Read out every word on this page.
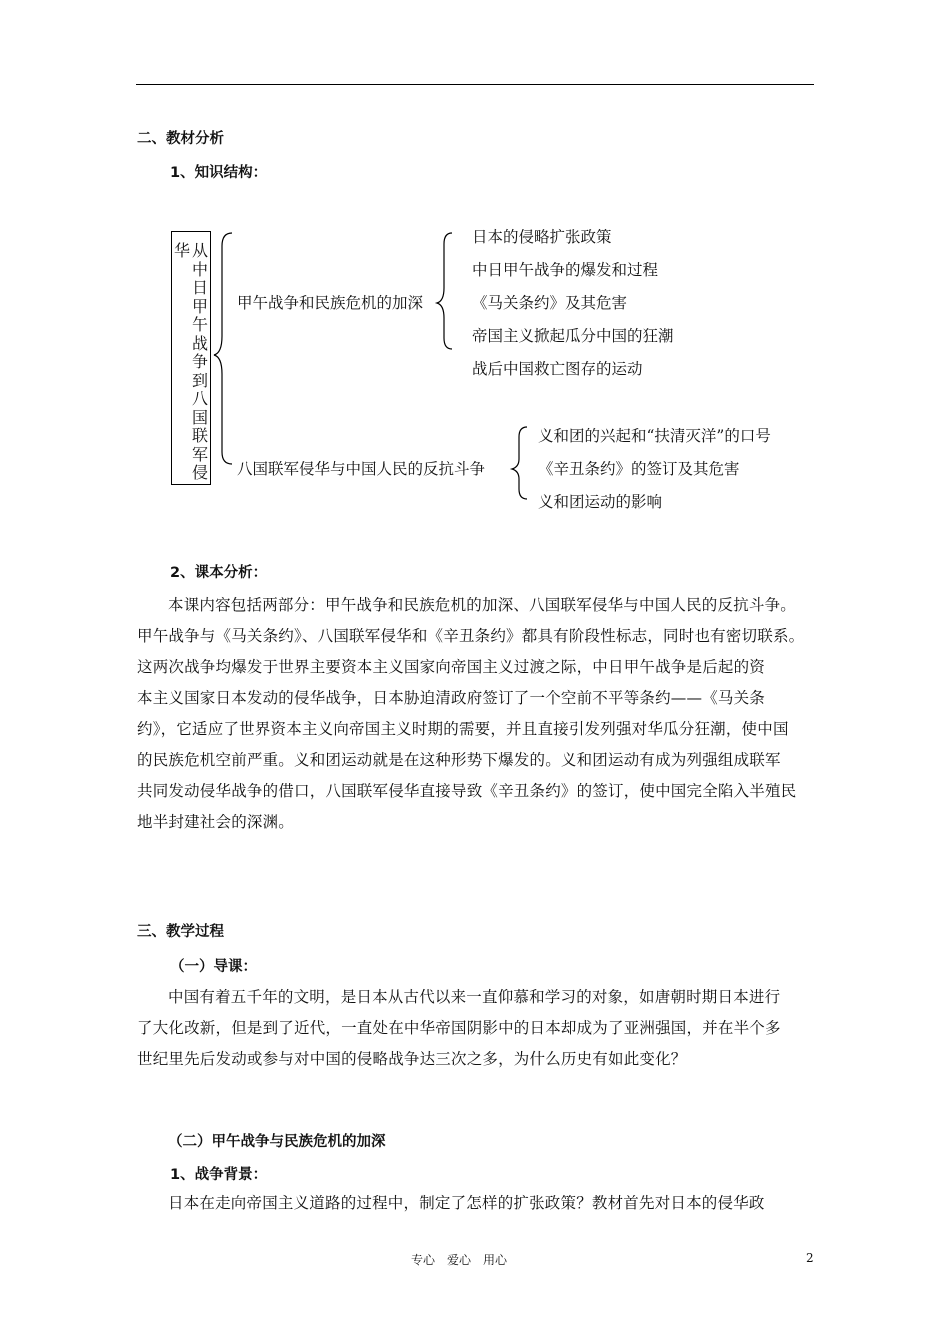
二、教材分析
1、知识结构：
从中日甲午战争到八国联军侵
华
甲午战争和民族危机的加深
日本的侵略扩张政策
中日甲午战争的爆发和过程
《马关条约》及其危害
帝国主义掀起瓜分中国的狂潮
战后中国救亡图存的运动
八国联军侵华与中国人民的反抗斗争
义和团的兴起和“扶清灭洋”的口号
《辛丑条约》的签订及其危害
义和团运动的影响
2、课本分析：
本课内容包括两部分：甲午战争和民族危机的加深、八国联军侵华与中国人民的反抗斗争。
甲午战争与《马关条约》、八国联军侵华和《辛丑条约》都具有阶段性标志，同时也有密切联系。
这两次战争均爆发于世界主要资本主义国家向帝国主义过渡之际，中日甲午战争是后起的资
本主义国家日本发动的侵华战争，日本胁迫清政府签订了一个空前不平等条约——《马关条
约》，它适应了世界资本主义向帝国主义时期的需要，并且直接引发列强对华瓜分狂潮，使中国
的民族危机空前严重。义和团运动就是在这种形势下爆发的。义和团运动有成为列强组成联军
共同发动侵华战争的借口，八国联军侵华直接导致《辛丑条约》的签订，使中国完全陷入半殖民
地半封建社会的深渊。
三、教学过程
（一）导课：
中国有着五千年的文明，是日本从古代以来一直仰慕和学习的对象，如唐朝时期日本进行
了大化改新，但是到了近代，一直处在中华帝国阴影中的日本却成为了亚洲强国，并在半个多
世纪里先后发动或参与对中国的侵略战争达三次之多，为什么历史有如此变化？
（二）甲午战争与民族危机的加深
1、战争背景：
日本在走向帝国主义道路的过程中，制定了怎样的扩张政策？教材首先对日本的侵华政
专心　爱心　用心	2
